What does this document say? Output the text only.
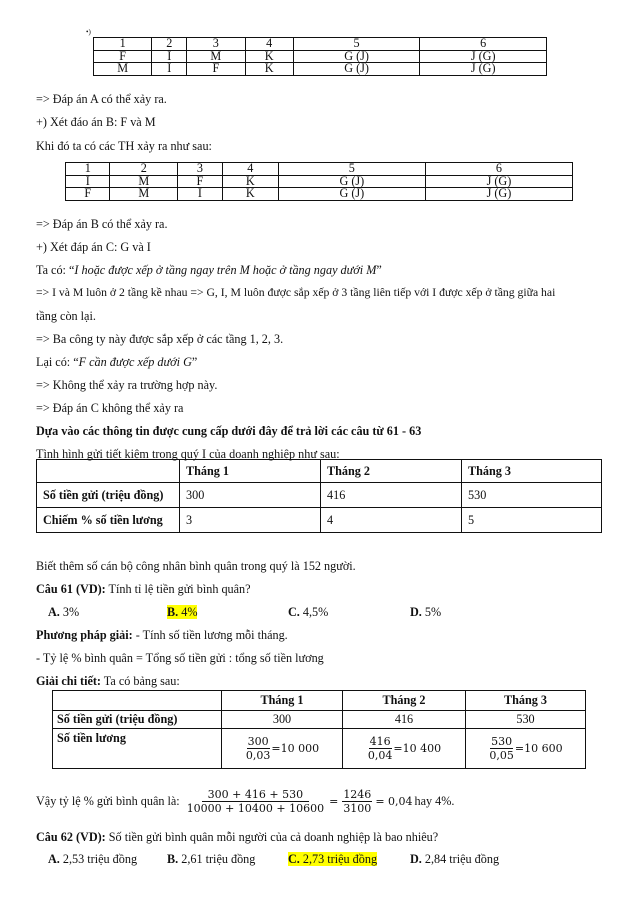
•)
1	2	3	4	5	6
F	I	M	K	G (J)	J (G)
M	I	F	K	G (J)	J (G)
=> Đáp án A có thể xảy ra.
+) Xét đáo án B: F và M
Khi đó ta có các TH xảy ra như sau:
1	2	3	4	5	6
I	M	F	K	G (J)	J (G)
F	M	I	K	G (J)	J (G)
=> Đáp án B có thể xảy ra.
+) Xét đáp án C: G và I
Ta có: “I hoặc được xếp ở tầng ngay trên M hoặc ở tầng ngay dưới M”
=> I và M luôn ở 2 tầng kề nhau => G, I, M luôn được sắp xếp ở 3 tầng liên tiếp với I được xếp ở tầng giữa hai
tầng còn lại.
=> Ba công ty này được sắp xếp ở các tầng 1, 2, 3.
Lại có: “F cần được xếp dưới G”
=> Không thể xảy ra trường hợp này.
=> Đáp án C không thể xảy ra
Dựa vào các thông tin được cung cấp dưới đây để trả lời các câu từ 61 - 63
Tình hình gửi tiết kiệm trong quý I của doanh nghiệp như sau:
	Tháng 1	Tháng 2	Tháng 3
Số tiền gửi (triệu đồng)	300	416	530
Chiếm % số tiền lương	3	4	5
Biết thêm số cán bộ công nhân bình quân trong quý là 152 người.
Câu 61 (VD): Tính tỉ lệ tiền gửi bình quân?
A. 3%	B. 4%	C. 4,5%	D. 5%
Phương pháp giải: - Tính số tiền lương mỗi tháng.
- Tỷ lệ % bình quân = Tổng số tiền gửi : tổng số tiền lương
Giải chi tiết: Ta có bảng sau:
	Tháng 1	Tháng 2	Tháng 3
Số tiền gửi (triệu đồng)	300	416	530
Số tiền lương	$\frac{300}{0,03} =10$ 000	$\frac{416}{0,04} =10$ 400	$\frac{530}{0,05} =10$ 600
Vậy tỷ lệ % gửi bình quân là: $\frac{300 + 416 + 530}{10000 + 10400 + 10600} = \frac{1246}{3100} = 0,04$ hay 4%.
Câu 62 (VD): Số tiền gửi bình quân mỗi người của cả doanh nghiệp là bao nhiêu?
A. 2,53 triệu đồng B. 2,61 triệu đồng	C. 2,73 triệu đồng	D. 2,84 triệu đồng
